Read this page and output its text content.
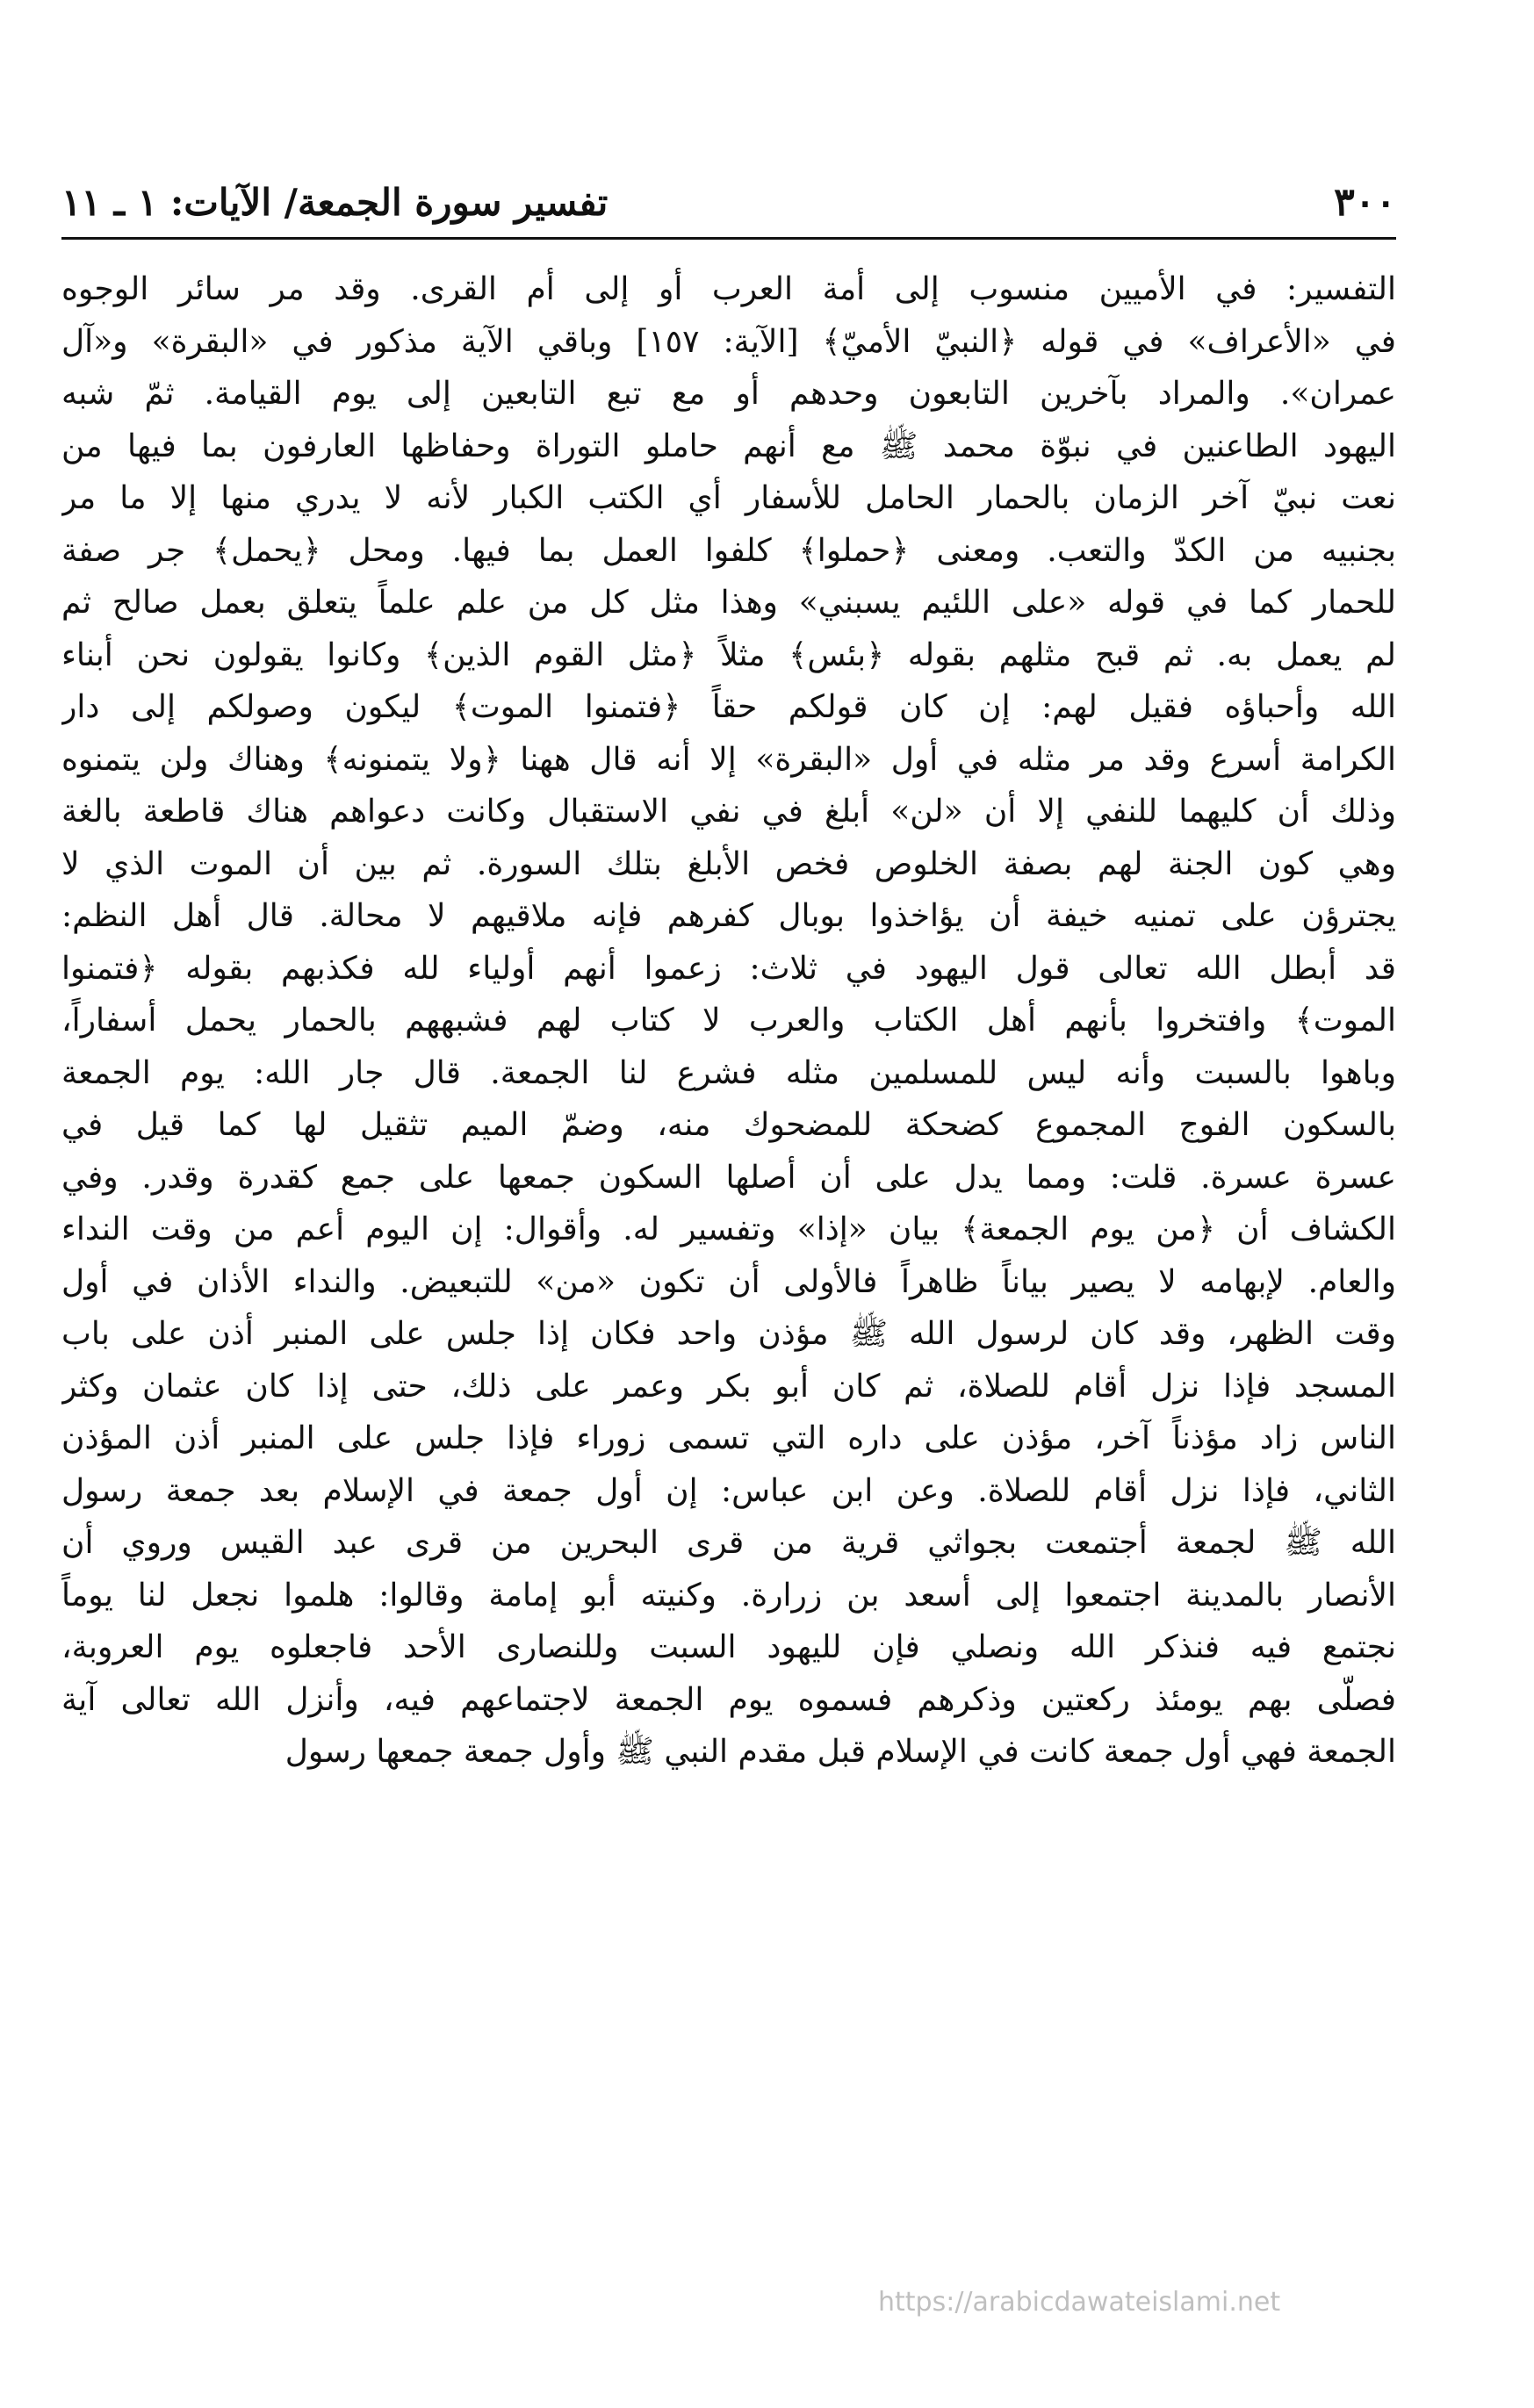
٣٠٠
تفسير سورة الجمعة/ الآيات: ١ ـ ١١
التفسير: في الأميين منسوب إلى أمة العرب أو إلى أم القرى. وقد مر سائر الوجوه
في «الأعراف» في قوله ﴿النبيّ الأميّ﴾ [الآية: ١٥٧] وباقي الآية مذكور في «البقرة» و«آل
عمران». والمراد بآخرين التابعون وحدهم أو مع تبع التابعين إلى يوم القيامة. ثمّ شبه
اليهود الطاعنين في نبوّة محمد ﷺ مع أنهم حاملو التوراة وحفاظها العارفون بما فيها من
نعت نبيّ آخر الزمان بالحمار الحامل للأسفار أي الكتب الكبار لأنه لا يدري منها إلا ما مر
بجنبيه من الكدّ والتعب. ومعنى ﴿حملوا﴾ كلفوا العمل بما فيها. ومحل ﴿يحمل﴾ جر صفة
للحمار كما في قوله «على اللئيم يسبني» وهذا مثل كل من علم علماً يتعلق بعمل صالح ثم
لم يعمل به. ثم قبح مثلهم بقوله ﴿بئس﴾ مثلاً ﴿مثل القوم الذين﴾ وكانوا يقولون نحن أبناء
الله وأحباؤه فقيل لهم: إن كان قولكم حقاً ﴿فتمنوا الموت﴾ ليكون وصولكم إلى دار
الكرامة أسرع وقد مر مثله في أول «البقرة» إلا أنه قال ههنا ﴿ولا يتمنونه﴾ وهناك ولن يتمنوه
وذلك أن كليهما للنفي إلا أن «لن» أبلغ في نفي الاستقبال وكانت دعواهم هناك قاطعة بالغة
وهي كون الجنة لهم بصفة الخلوص فخص الأبلغ بتلك السورة. ثم بين أن الموت الذي لا
يجترؤن على تمنيه خيفة أن يؤاخذوا بوبال كفرهم فإنه ملاقيهم لا محالة. قال أهل النظم:
قد أبطل الله تعالى قول اليهود في ثلاث: زعموا أنهم أولياء لله فكذبهم بقوله ﴿فتمنوا
الموت﴾ وافتخروا بأنهم أهل الكتاب والعرب لا كتاب لهم فشبههم بالحمار يحمل أسفاراً،
وباهوا بالسبت وأنه ليس للمسلمين مثله فشرع لنا الجمعة. قال جار الله: يوم الجمعة
بالسكون الفوج المجموع كضحكة للمضحوك منه، وضمّ الميم تثقيل لها كما قيل في
عسرة عسرة. قلت: ومما يدل على أن أصلها السكون جمعها على جمع كقدرة وقدر. وفي
الكشاف أن ﴿من يوم الجمعة﴾ بيان «إذا» وتفسير له. وأقوال: إن اليوم أعم من وقت النداء
والعام. لإبهامه لا يصير بياناً ظاهراً فالأولى أن تكون «من» للتبعيض. والنداء الأذان في أول
وقت الظهر، وقد كان لرسول الله ﷺ مؤذن واحد فكان إذا جلس على المنبر أذن على باب
المسجد فإذا نزل أقام للصلاة، ثم كان أبو بكر وعمر على ذلك، حتى إذا كان عثمان وكثر
الناس زاد مؤذناً آخر، مؤذن على داره التي تسمى زوراء فإذا جلس على المنبر أذن المؤذن
الثاني، فإذا نزل أقام للصلاة. وعن ابن عباس: إن أول جمعة في الإسلام بعد جمعة رسول
الله ﷺ لجمعة أجتمعت بجواثي قرية من قرى البحرين من قرى عبد القيس وروي أن
الأنصار بالمدينة اجتمعوا إلى أسعد بن زرارة. وكنيته أبو إمامة وقالوا: هلموا نجعل لنا يوماً
نجتمع فيه فنذكر الله ونصلي فإن لليهود السبت وللنصارى الأحد فاجعلوه يوم العروبة،
فصلّى بهم يومئذ ركعتين وذكرهم فسموه يوم الجمعة لاجتماعهم فيه، وأنزل الله تعالى آية
الجمعة فهي أول جمعة كانت في الإسلام قبل مقدم النبي ﷺ وأول جمعة جمعها رسول
https://arabicdawateislami.net
